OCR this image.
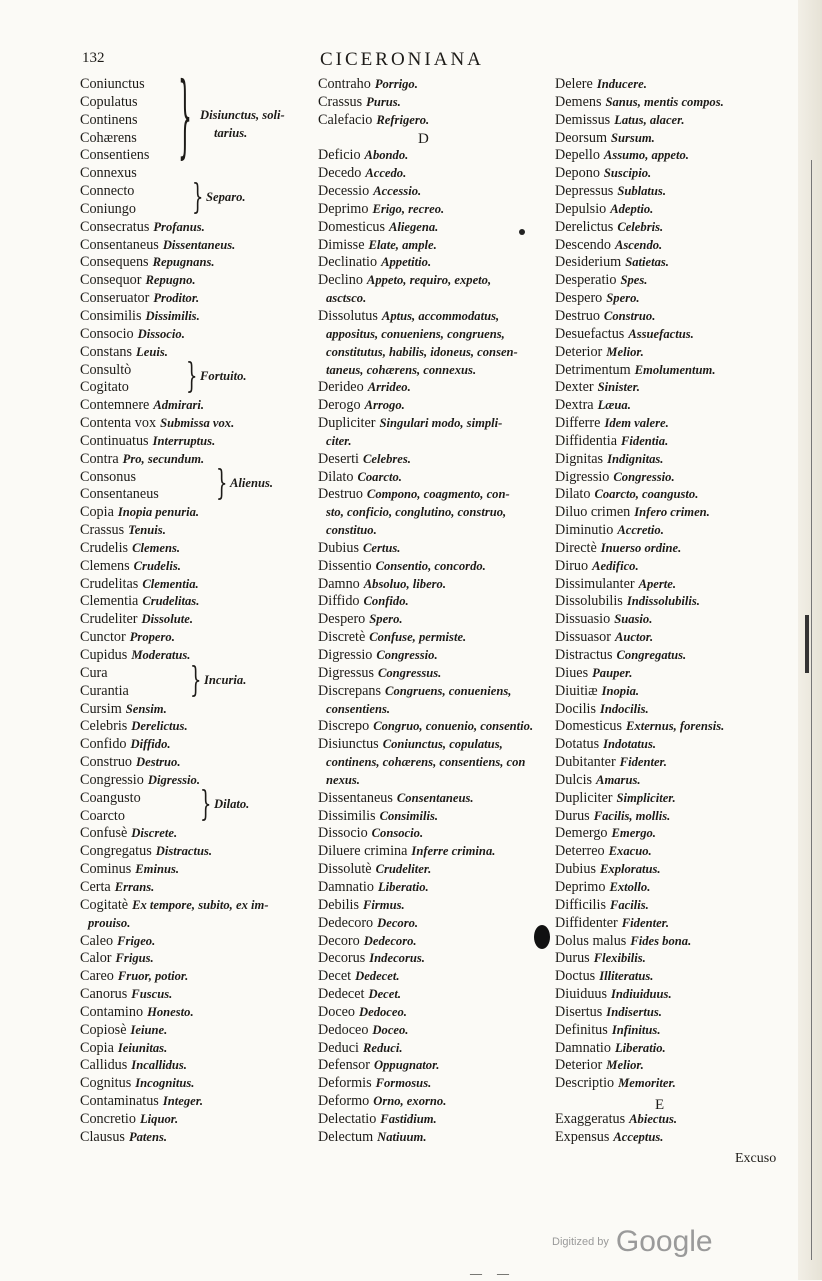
132	CICERONIANA
Coniunctus
Copulatus
Continens
Cohærens
Consentiens
Connexus
Connecto
Coniungo
Consecratus Profanus.
Consentaneus Dissentaneus.
Consequens Repugnans.
Consequor Repugno.
Conseruator Proditor.
Consimilis Dissimilis.
Consocio Dissocio.
Constans Leuis.
Consultò
Cogitato
Contemnere Admirari.
Contenta vox Submissa vox.
Continuatus Interruptus.
Contra Pro, secundum.
Consonus
Consentaneus
Copia Inopia penuria.
Crassus Tenuis.
Crudelis Clemens.
Clemens Crudelis.
Crudelitas Clementia.
Clementia Crudelitas.
Crudeliter Dissolute.
Cunctor Propero.
Cupidus Moderatus.
Cura
Curantia
Cursim Sensim.
Celebris Derelictus.
Confido Diffido.
Construo Destruo.
Congressio Digressio.
Coangusto
Coarcto
Confusè Discrete.
Congregatus Distractus.
Cominus Eminus.
Certa Errans.
Cogitatè Ex tempore, subito, ex im-
prouiso.
Caleo Frigeo.
Calor Frigus.
Careo Fruor, potior.
Canorus Fuscus.
Contamino Honesto.
Copiosè Ieiune.
Copia Ieiunitas.
Callidus Incallidus.
Cognitus Incognitus.
Contaminatus Integer.
Concretio Liquor.
Clausus Patens.
Contraho Porrigo.
Crassus Purus.
Calefacio Refrigero.
Deficio Abondo.
Decedo Accedo.
Decessio Accessio.
Deprimo Erigo, recreo.
Domesticus Aliegena.
Dimisse Elate, ample.
Declinatio Appetitio.
Declino Appeto, requiro, expeto,
asctsco.
Dissolutus Aptus, accommodatus,
appositus, conueniens, congruens,
constitutus, habilis, idoneus, consen-
taneus, cohærens, connexus.
Derideo Arrideo.
Derogo Arrogo.
Dupliciter Singulari modo, simpli-
citer.
Deserti Celebres.
Dilato Coarcto.
Destruo Compono, coagmento, con-
sto, conficio, conglutino, construo,
constituo.
Dubius Certus.
Dissentio Consentio, concordo.
Damno Absoluo, libero.
Diffido Confido.
Despero Spero.
Discretè Confuse, permiste.
Digressio Congressio.
Digressus Congressus.
Discrepans Congruens, conueniens,
consentiens.
Discrepo Congruo, conuenio, consentio.
Disiunctus Coniunctus, copulatus,
continens, cohærens, consentiens, con
nexus.
Dissentaneus Consentaneus.
Dissimilis Consimilis.
Dissocio Consocio.
Diluere crimina Inferre crimina.
Dissolutè Crudeliter.
Damnatio Liberatio.
Debilis Firmus.
Dedecoro Decoro.
Decoro Dedecoro.
Decorus Indecorus.
Decet Dedecet.
Dedecet Decet.
Doceo Dedoceo.
Dedoceo Doceo.
Deduci Reduci.
Defensor Oppugnator.
Deformis Formosus.
Deformo Orno, exorno.
Delectatio Fastidium.
Delectum Natiuum.
Delere Inducere.
Demens Sanus, mentis compos.
Demissus Latus, alacer.
Deorsum Sursum.
Depello Assumo, appeto.
Depono Suscipio.
Depressus Sublatus.
Depulsio Adeptio.
Derelictus Celebris.
Descendo Ascendo.
Desiderium Satietas.
Desperatio Spes.
Despero Spero.
Destruo Construo.
Desuefactus Assuefactus.
Deterior Melior.
Detrimentum Emolumentum.
Dexter Sinister.
Dextra Læua.
Differre Idem valere.
Diffidentia Fidentia.
Dignitas Indignitas.
Digressio Congressio.
Dilato Coarcto, coangusto.
Diluo crimen Infero crimen.
Diminutio Accretio.
Directè Inuerso ordine.
Diruo Aedifico.
Dissimulanter Aperte.
Dissolubilis Indissolubilis.
Dissuasio Suasio.
Dissuasor Auctor.
Distractus Congregatus.
Diues Pauper.
Diuitiæ Inopia.
Docilis Indocilis.
Domesticus Externus, forensis.
Dotatus Indotatus.
Dubitanter Fidenter.
Dulcis Amarus.
Dupliciter Simpliciter.
Durus Facilis, mollis.
Demergo Emergo.
Deterreo Exacuo.
Dubius Exploratus.
Deprimo Extollo.
Difficilis Facilis.
Diffidenter Fidenter.
Dolus malus Fides bona.
Durus Flexibilis.
Doctus Illiteratus.
Diuiduus Indiuiduus.
Disertus Indisertus.
Definitus Infinitus.
Damnatio Liberatio.
Deterior Melior.
Descriptio Memoriter.
Exaggeratus Abiectus.
Expensus Acceptus.
D
E
} Disiunctus, soli-
tarius.
} Separo.
} Fortuito.
} Alienus.
} Incuria.
} Dilato.
Excuso
Digitized by Google
— —
